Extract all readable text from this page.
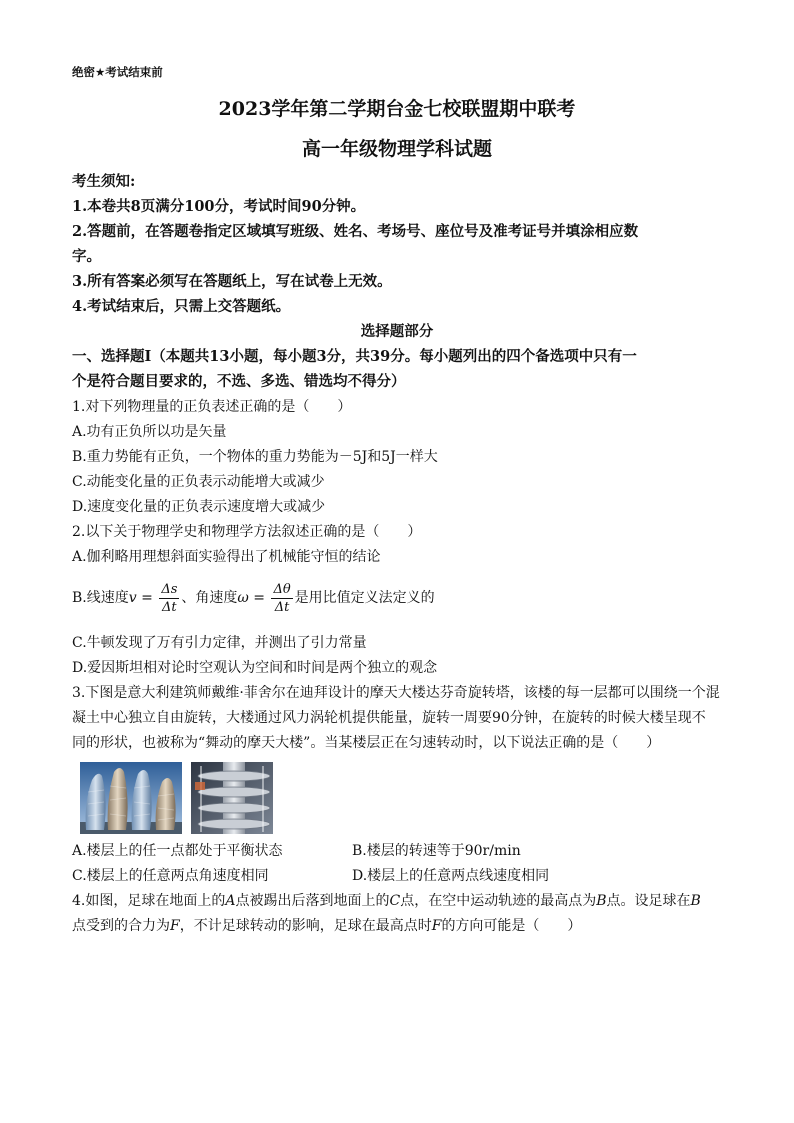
绝密★考试结束前
2023学年第二学期台金七校联盟期中联考
高一年级物理学科试题
考生须知:
1.本卷共8页满分100分，考试时间90分钟。
2.答题前，在答题卷指定区域填写班级、姓名、考场号、座位号及准考证号并填涂相应数
字。
3.所有答案必须写在答题纸上，写在试卷上无效。
4.考试结束后，只需上交答题纸。
选择题部分
一、选择题Ⅰ（本题共13小题，每小题3分，共39分。每小题列出的四个备选项中只有一
个是符合题目要求的，不选、多选、错选均不得分）
1.对下列物理量的正负表述正确的是（　　）
A.功有正负所以功是矢量
B.重力势能有正负，一个物体的重力势能为－5J和5J一样大
C.动能变化量的正负表示动能增大或减少
D.速度变化量的正负表示速度增大或减少
2.以下关于物理学史和物理学方法叙述正确的是（　　）
A.伽利略用理想斜面实验得出了机械能守恒的结论
B.线速度$v = \frac{\Delta s}{\Delta t}$ 、角速度$\omega = \frac{\Delta\theta}{\Delta t}$ 是用比值定义法定义的
C.牛顿发现了万有引力定律，并测出了引力常量
D.爱因斯坦相对论时空观认为空间和时间是两个独立的观念
3.下图是意大利建筑师戴维·菲舍尔在迪拜设计的摩天大楼达芬奇旋转塔，该楼的每一层都可以围绕一个混
凝土中心独立自由旋转，大楼通过风力涡轮机提供能量，旋转一周要90分钟，在旋转的时候大楼呈现不
同的形状，也被称为“舞动的摩天大楼”。当某楼层正在匀速转动时，以下说法正确的是（　　）
A.楼层上的任一点都处于平衡状态	B.楼层的转速等于90r/min
C.楼层上的任意两点角速度相同	D.楼层上的任意两点线速度相同
4.如图，足球在地面上的A点被踢出后落到地面上的C点，在空中运动轨迹的最高点为B点。设足球在B
点受到的合力为F，不计足球转动的影响，足球在最高点时F的方向可能是（　　）
